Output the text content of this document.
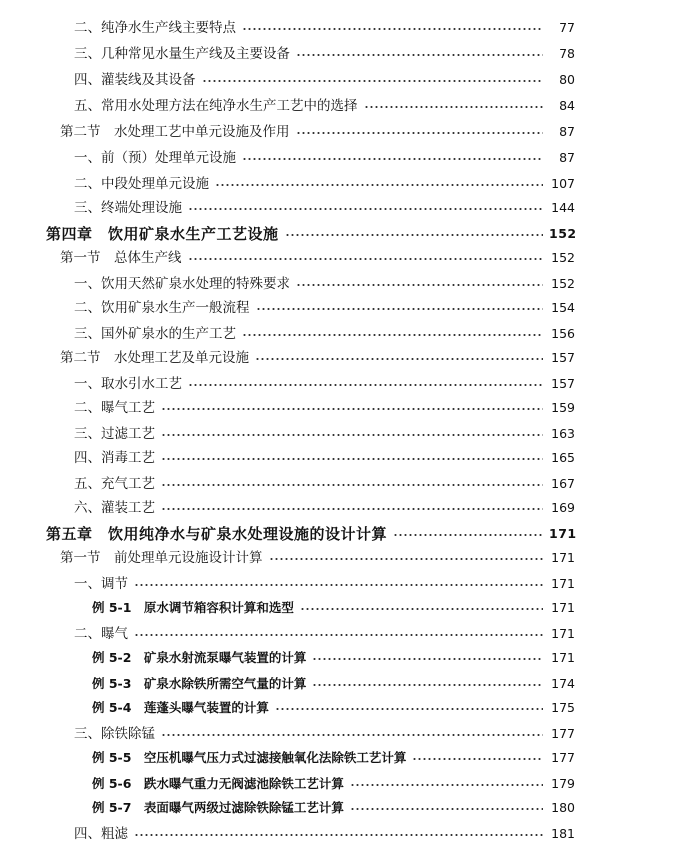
二、纯净水生产线主要特点	77
三、几种常见水量生产线及主要设备	78
四、灌装线及其设备	80
五、常用水处理方法在纯净水生产工艺中的选择	84
第二节　水处理工艺中单元设施及作用	87
一、前（预）处理单元设施	87
二、中段处理单元设施	107
三、终端处理设施	144
第四章　饮用矿泉水生产工艺设施	152
第一节　总体生产线	152
一、饮用天然矿泉水处理的特殊要求	152
二、饮用矿泉水生产一般流程	154
三、国外矿泉水的生产工艺	156
第二节　水处理工艺及单元设施	157
一、取水引水工艺	157
二、曝气工艺	159
三、过滤工艺	163
四、消毒工艺	165
五、充气工艺	167
六、灌装工艺	169
第五章　饮用纯净水与矿泉水处理设施的设计计算	171
第一节　前处理单元设施设计计算	171
一、调节	171
例 5-1　原水调节箱容积计算和选型	171
二、曝气	171
例 5-2　矿泉水射流泵曝气装置的计算	171
例 5-3　矿泉水除铁所需空气量的计算	174
例 5-4　莲蓬头曝气装置的计算	175
三、除铁除锰	177
例 5-5　空压机曝气压力式过滤接触氧化法除铁工艺计算	177
例 5-6　跌水曝气重力无阀滤池除铁工艺计算	179
例 5-7　表面曝气两级过滤除铁除锰工艺计算	180
四、粗滤	181
